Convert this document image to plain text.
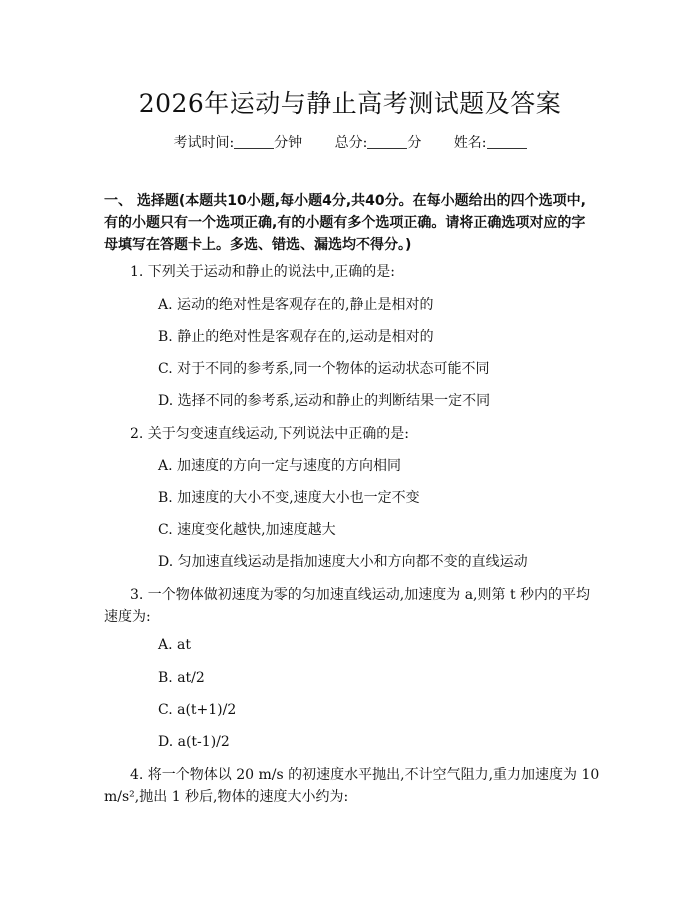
2026年运动与静止高考测试题及答案
考试时间:	分钟 总分:	分 姓名:
一、 选择题(本题共10小题,每小题4分,共40分。在每小题给出的四个选项中,有的小题只有一个选项正确,有的小题有多个选项正确。请将正确选项对应的字母填写在答题卡上。多选、错选、漏选均不得分。)
1. 下列关于运动和静止的说法中,正确的是:
A. 运动的绝对性是客观存在的,静止是相对的
B. 静止的绝对性是客观存在的,运动是相对的
C. 对于不同的参考系,同一个物体的运动状态可能不同
D. 选择不同的参考系,运动和静止的判断结果一定不同
2. 关于匀变速直线运动,下列说法中正确的是:
A. 加速度的方向一定与速度的方向相同
B. 加速度的大小不变,速度大小也一定不变
C. 速度变化越快,加速度越大
D. 匀加速直线运动是指加速度大小和方向都不变的直线运动
3. 一个物体做初速度为零的匀加速直线运动,加速度为 a,则第 t 秒内的平均速度为:
A. at
B. at/2
C. a(t+1)/2
D. a(t-1)/2
4. 将一个物体以 20 m/s 的初速度水平抛出,不计空气阻力,重力加速度为 10 m/s²,抛出 1 秒后,物体的速度大小约为:
